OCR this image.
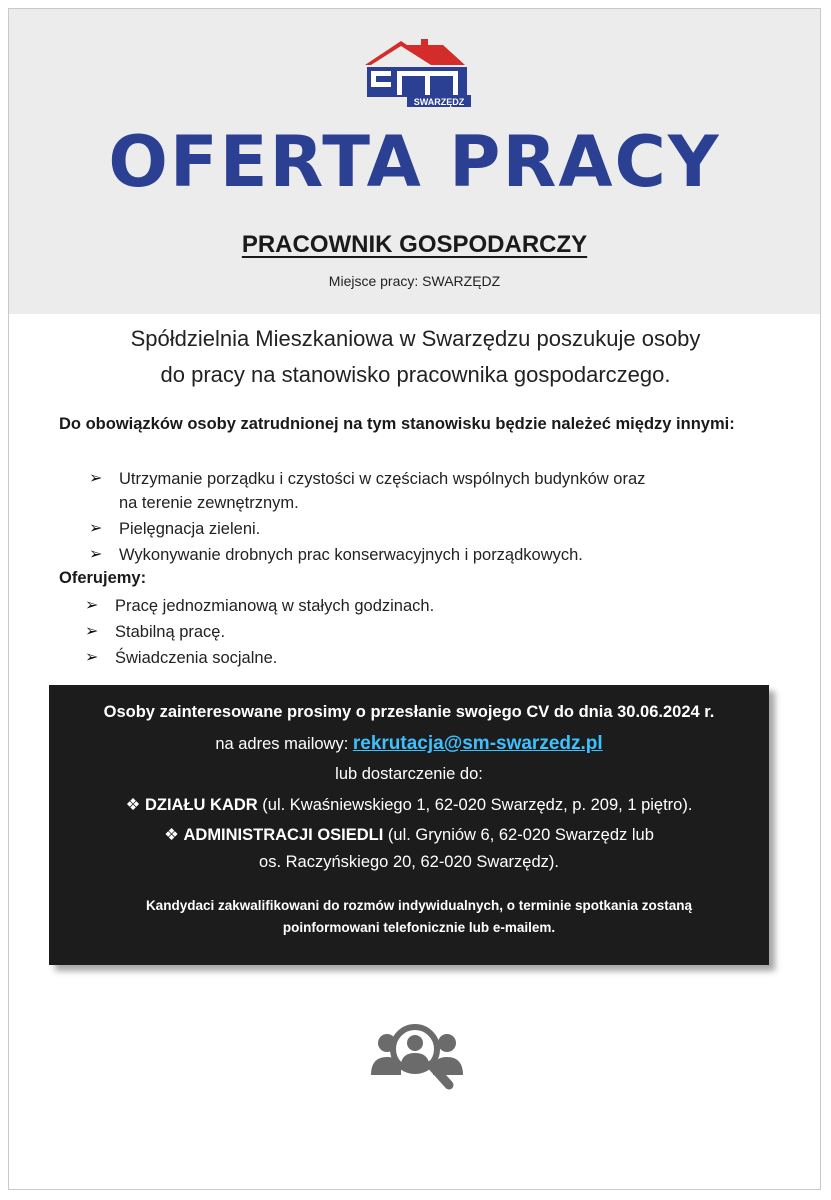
SWARZĘDZ
OFERTA PRACY
PRACOWNIK GOSPODARCZY
Miejsce pracy: SWARZĘDZ
Spółdzielnia Mieszkaniowa w Swarzędzu poszukuje osoby
do pracy na stanowisko pracownika gospodarczego.
Do obowiązków osoby zatrudnionej na tym stanowisku będzie należeć między innymi:
➢ Utrzymanie porządku i czystości w częściach wspólnych budynków oraz
na terenie zewnętrznym.
➢ Pielęgnacja zieleni.
➢ Wykonywanie drobnych prac konserwacyjnych i porządkowych.
Oferujemy:
➢ Pracę jednozmianową w stałych godzinach.
➢ Stabilną pracę.
➢ Świadczenia socjalne.
Osoby zainteresowane prosimy o przesłanie swojego CV do dnia 30.06.2024 r.
na adres mailowy: rekrutacja@sm-swarzedz.pl
lub dostarczenie do:
❖ DZIAŁU KADR (ul. Kwaśniewskiego 1, 62-020 Swarzędz, p. 209, 1 piętro).
❖ ADMINISTRACJI OSIEDLI (ul. Gryniów 6, 62-020 Swarzędz lub
os. Raczyńskiego 20, 62-020 Swarzędz).
Kandydaci zakwalifikowani do rozmów indywidualnych, o terminie spotkania zostaną poinformowani telefonicznie lub e-mailem.
